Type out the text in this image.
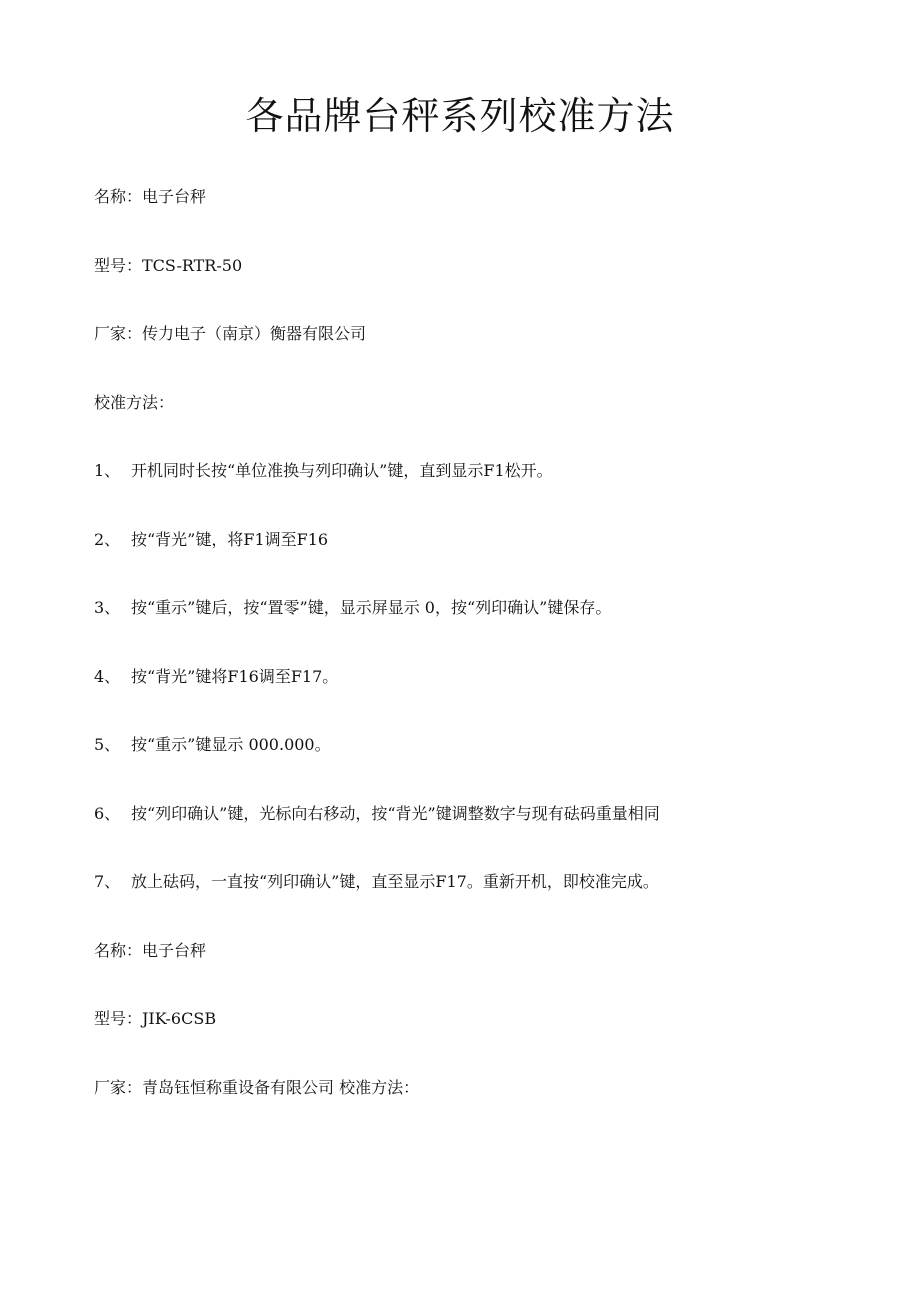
各品牌台秤系列校准方法

名称：电子台秤

型号：TCS-RTR-50

厂家：传力电子（南京）衡器有限公司

校准方法：

1、 开机同时长按“单位准换与列印确认”键，直到显示F1松开。

2、 按“背光”键，将F1调至F16

3、 按“重示”键后，按“置零”键，显示屏显示 0，按“列印确认”键保存。

4、 按“背光”键将F16调至F17。

5、 按“重示”键显示 000.000。

6、 按“列印确认”键，光标向右移动，按“背光”键调整数字与现有砝码重量相同

7、 放上砝码，一直按“列印确认”键，直至显示F17。重新开机，即校准完成。

名称：电子台秤

型号：JIK-6CSB

厂家：青岛钰恒称重设备有限公司 校准方法：
